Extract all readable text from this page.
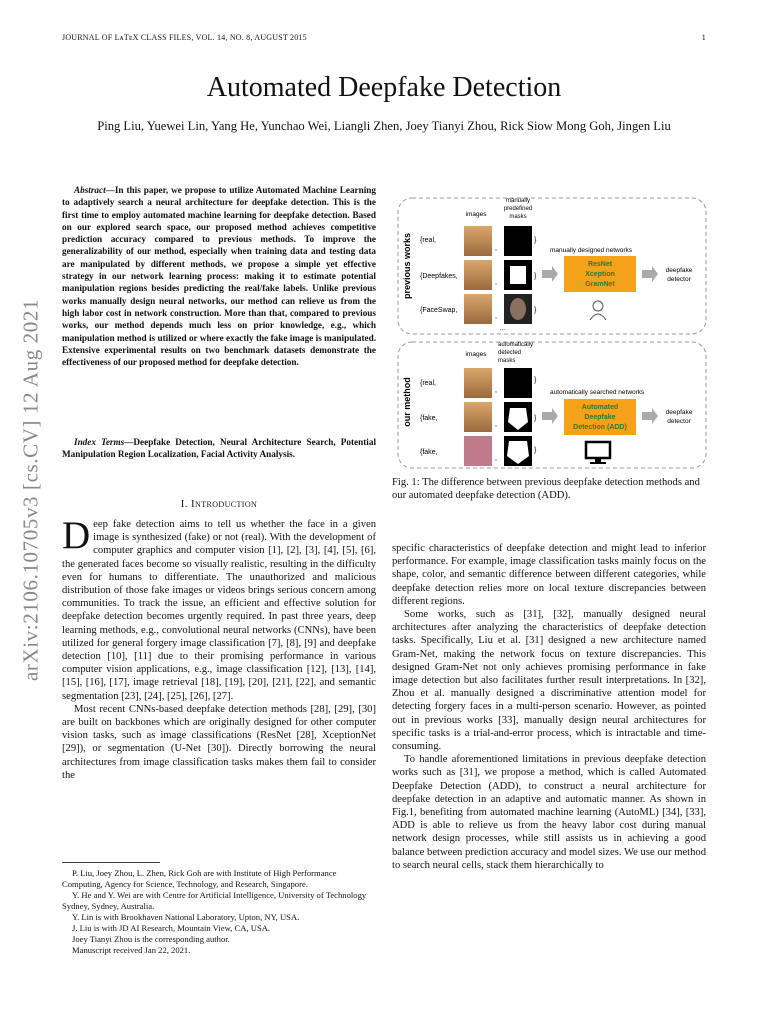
JOURNAL OF LᴀTᴇX CLASS FILES, VOL. 14, NO. 8, AUGUST 2015	1
Automated Deepfake Detection
Ping Liu, Yuewei Lin, Yang He, Yunchao Wei, Liangli Zhen, Joey Tianyi Zhou, Rick Siow Mong Goh, Jingen Liu
arXiv:2106.10705v3 [cs.CV] 12 Aug 2021
Abstract—In this paper, we propose to utilize Automated Machine Learning to adaptively search a neural architecture for deepfake detection. This is the first time to employ automated machine learning for deepfake detection. Based on our explored search space, our proposed method achieves competitive prediction accuracy compared to previous methods. To improve the generalizability of our method, especially when training data and testing data are manipulated by different methods, we propose a simple yet effective strategy in our network learning process: making it to estimate potential manipulation regions besides predicting the real/fake labels. Unlike previous works manually design neural networks, our method can relieve us from the high labor cost in network construction. More than that, compared to previous works, our method depends much less on prior knowledge, e.g., which manipulation method is utilized or where exactly the fake image is manipulated. Extensive experimental results on two benchmark datasets demonstrate the effectiveness of our proposed method for deepfake detection.
Index Terms—Deepfake Detection, Neural Architecture Search, Potential Manipulation Region Localization, Facial Activity Analysis.
I. Introduction

Deep fake detection aims to tell us whether the face in a given image is synthesized (fake) or not (real). With the development of computer graphics and computer vision [1], [2], [3], [4], [5], [6], the generated faces become so visually realistic, resulting in the difficulty even for humans to differentiate. The unauthorized and malicious distribution of those fake images or videos brings serious concern among communities. To track the issue, an efficient and effective solution for deepfake detection becomes urgently required. In past three years, deep learning methods, e.g., convolutional neural networks (CNNs), have been utilized for general forgery image classification [7], [8], [9] and deepfake detection [10], [11] due to their promising performance in various computer vision applications, e.g., image classification [12], [13], [14], [15], [16], [17], image retrieval [18], [19], [20], [21], [22], and semantic segmentation [23], [24], [25], [26], [27].

Most recent CNNs-based deepfake detection methods [28], [29], [30] are built on backbones which are originally designed for other computer vision tasks, such as image classifications (ResNet [28], XceptionNet [29]), or segmentation (U-Net [30]). Directly borrowing the neural architectures from image classification tasks makes them fail to consider the

P. Liu, Joey Zhou, L. Zhen, Rick Goh are with Institute of High Performance Computing, Agency for Science, Technology, and Research, Singapore.

Y. He and Y. Wei are with Centre for Artificial Intelligence, University of Technology Sydney, Sydney, Australia.

Y. Lin is with Brookhaven National Laboratory, Upton, NY, USA.

J. Liu is with JD AI Research, Mountain View, CA, USA.

Joey Tianyi Zhou is the corresponding author.

Manuscript received Jan 22, 2021.

previous works
images
manually predefined masks
{real,
{Deepfakes,
{FaceSwap,
,
,
,
}
}
}
...
manually designed networks
ResNet
Xception
GramNet
deepfake detector
our method
images
automatically detected masks
{real,
{fake,
{fake,
,
,
,
}
}
}
automatically searched networks
Automated
Deepfake
Detection (ADD)
deepfake detector
Fig. 1: The difference between previous deepfake detection methods and our automated deepfake detection (ADD).

specific characteristics of deepfake detection and might lead to inferior performance. For example, image classification tasks mainly focus on the shape, color, and semantic difference between different categories, while deepfake detection relies more on local texture discrepancies between different regions.

Some works, such as [31], [32], manually designed neural architectures after analyzing the characteristics of deepfake detection tasks. Specifically, Liu et al. [31] designed a new architecture named Gram-Net, making the network focus on texture discrepancies. This designed Gram-Net not only achieves promising performance in fake image detection but also facilitates further result interpretations. In [32], Zhou et al. manually designed a discriminative attention model for detecting forgery faces in a multi-person scenario. However, as pointed out in previous works [33], manually design neural architectures for specific tasks is a trial-and-error process, which is intractable and time-consuming.

To handle aforementioned limitations in previous deepfake detection works such as [31], we propose a method, which is called Automated Deepfake Detection (ADD), to construct a neural architecture for deepfake detection in an adaptive and automatic manner. As shown in Fig.1, benefiting from automated machine learning (AutoML) [34], [33], ADD is able to relieve us from the heavy labor cost during manual network design processes, while still assists us in achieving a good balance between prediction accuracy and model sizes. We use our method to search neural cells, stack them hierarchically to
